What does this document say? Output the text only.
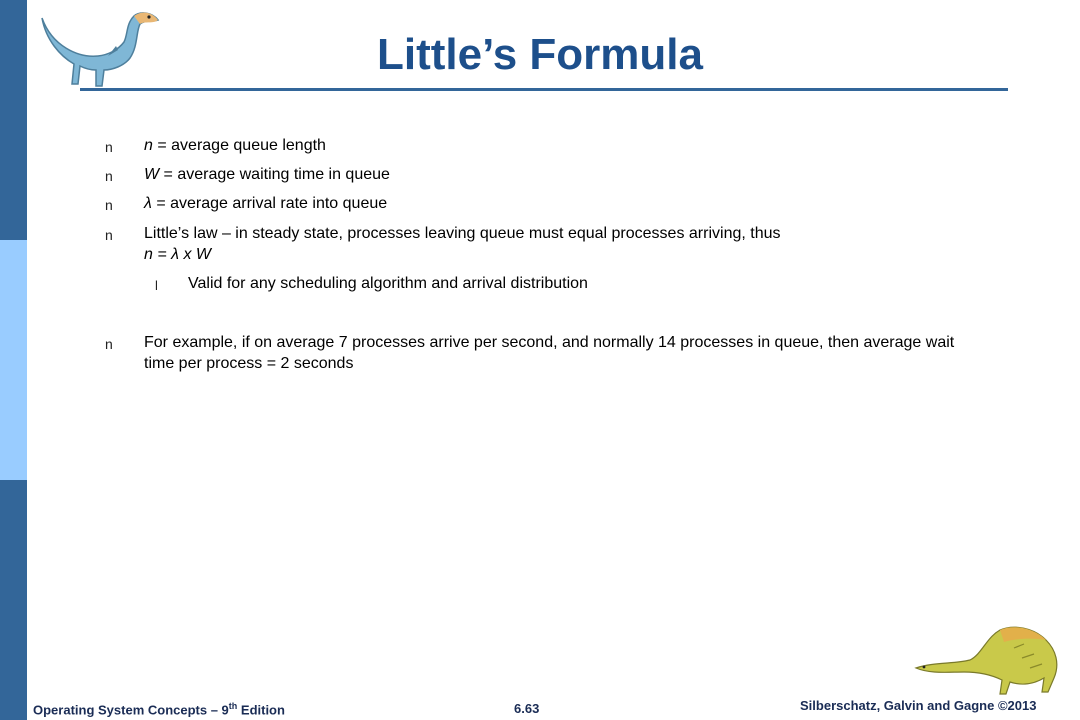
Little’s Formula
n n = average queue length
n W = average waiting time in queue
n λ = average arrival rate into queue
n Little’s law – in steady state, processes leaving queue must equal processes arriving, thus
n = λ x W
l Valid for any scheduling algorithm and arrival distribution
n For example, if on average 7 processes arrive per second, and normally 14 processes in queue, then average wait
time per process = 2 seconds
Operating System Concepts – 9th Edition	6.63	Silberschatz, Galvin and Gagne ©2013
